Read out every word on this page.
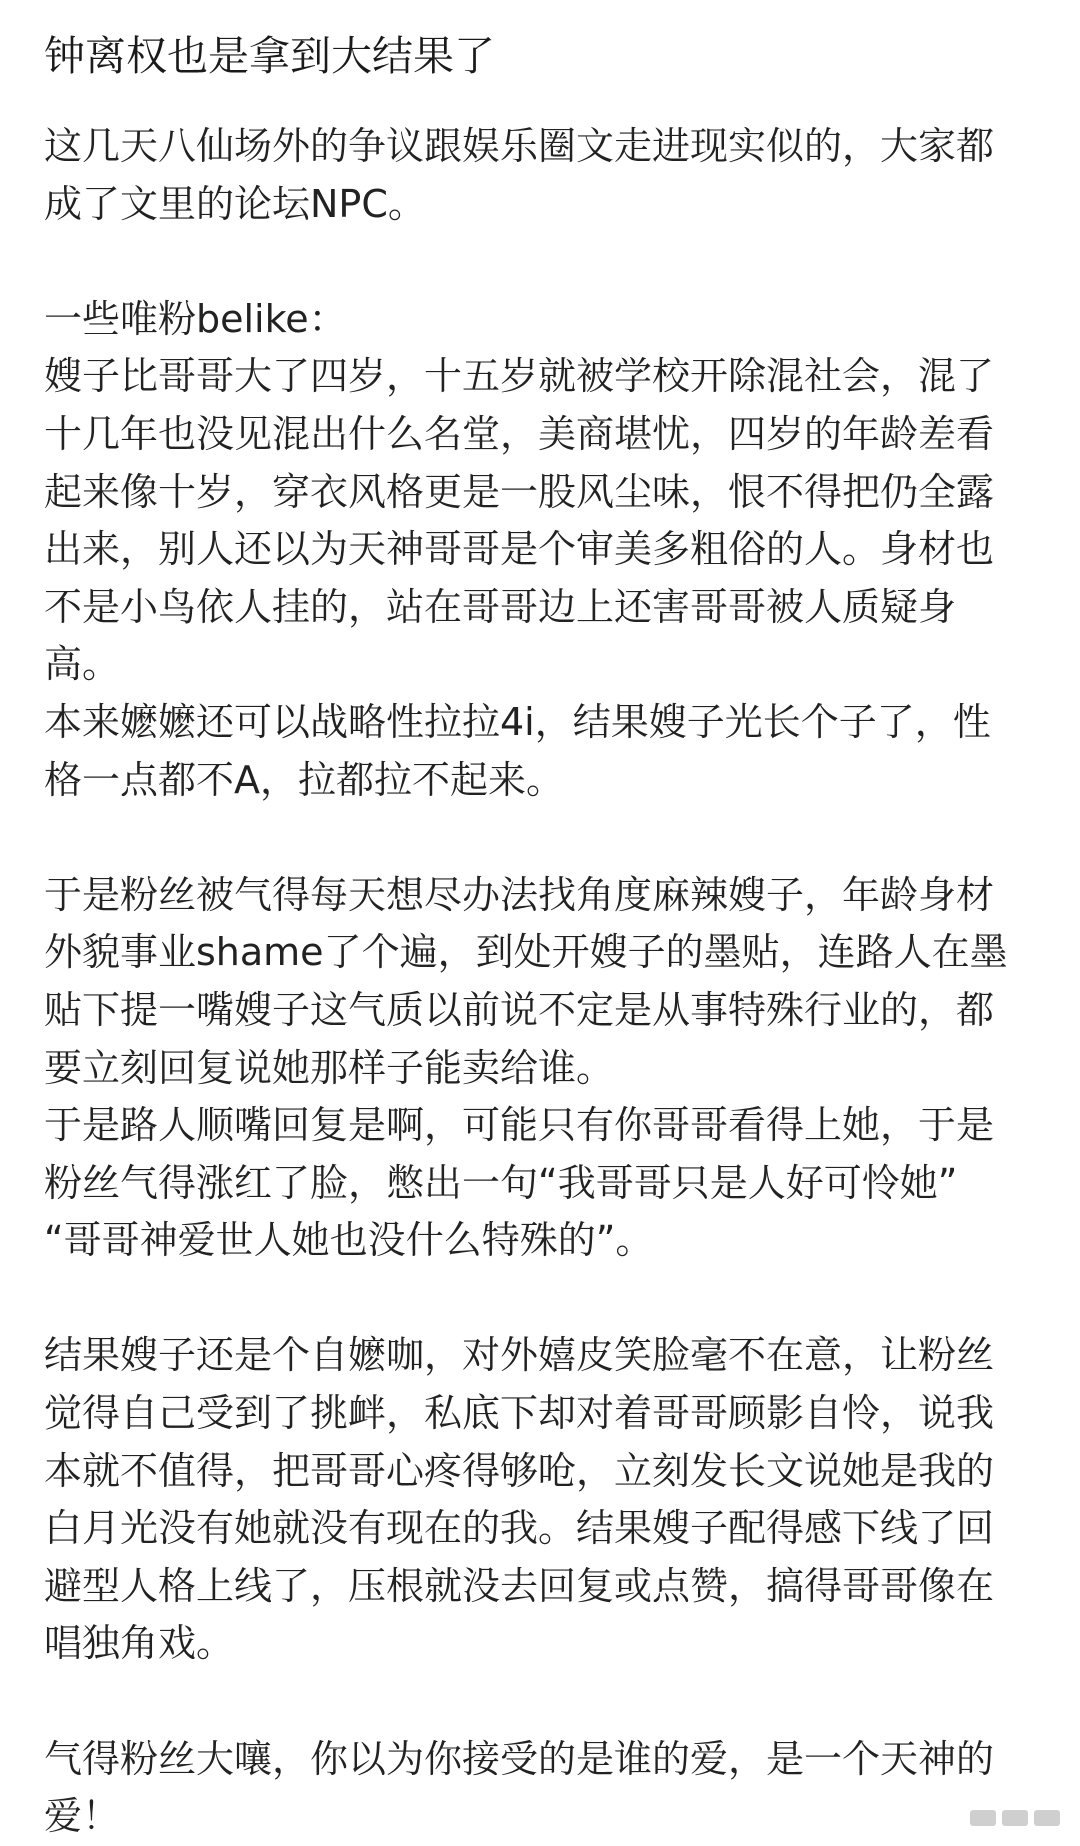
钟离权也是拿到大结果了
这几天八仙场外的争议跟娱乐圈文走进现实似的，大家都
成了文里的论坛NPC。
一些唯粉belike：
嫂子比哥哥大了四岁，十五岁就被学校开除混社会，混了
十几年也没见混出什么名堂，美商堪忧，四岁的年龄差看
起来像十岁，穿衣风格更是一股风尘味，恨不得把仍全露
出来，别人还以为天神哥哥是个审美多粗俗的人。身材也
不是小鸟依人挂的，站在哥哥边上还害哥哥被人质疑身
高。
本来嬷嬷还可以战略性拉拉4i，结果嫂子光长个子了，性
格一点都不A，拉都拉不起来。
于是粉丝被气得每天想尽办法找角度麻辣嫂子，年龄身材
外貌事业shame了个遍，到处开嫂子的墨贴，连路人在墨
贴下提一嘴嫂子这气质以前说不定是从事特殊行业的，都
要立刻回复说她那样子能卖给谁。
于是路人顺嘴回复是啊，可能只有你哥哥看得上她，于是
粉丝气得涨红了脸，憋出一句“我哥哥只是人好可怜她”
“哥哥神爱世人她也没什么特殊的”。
结果嫂子还是个自嬷咖，对外嬉皮笑脸毫不在意，让粉丝
觉得自己受到了挑衅，私底下却对着哥哥顾影自怜，说我
本就不值得，把哥哥心疼得够呛，立刻发长文说她是我的
白月光没有她就没有现在的我。结果嫂子配得感下线了回
避型人格上线了，压根就没去回复或点赞，搞得哥哥像在
唱独角戏。
气得粉丝大嚷，你以为你接受的是谁的爱，是一个天神的
爱！
